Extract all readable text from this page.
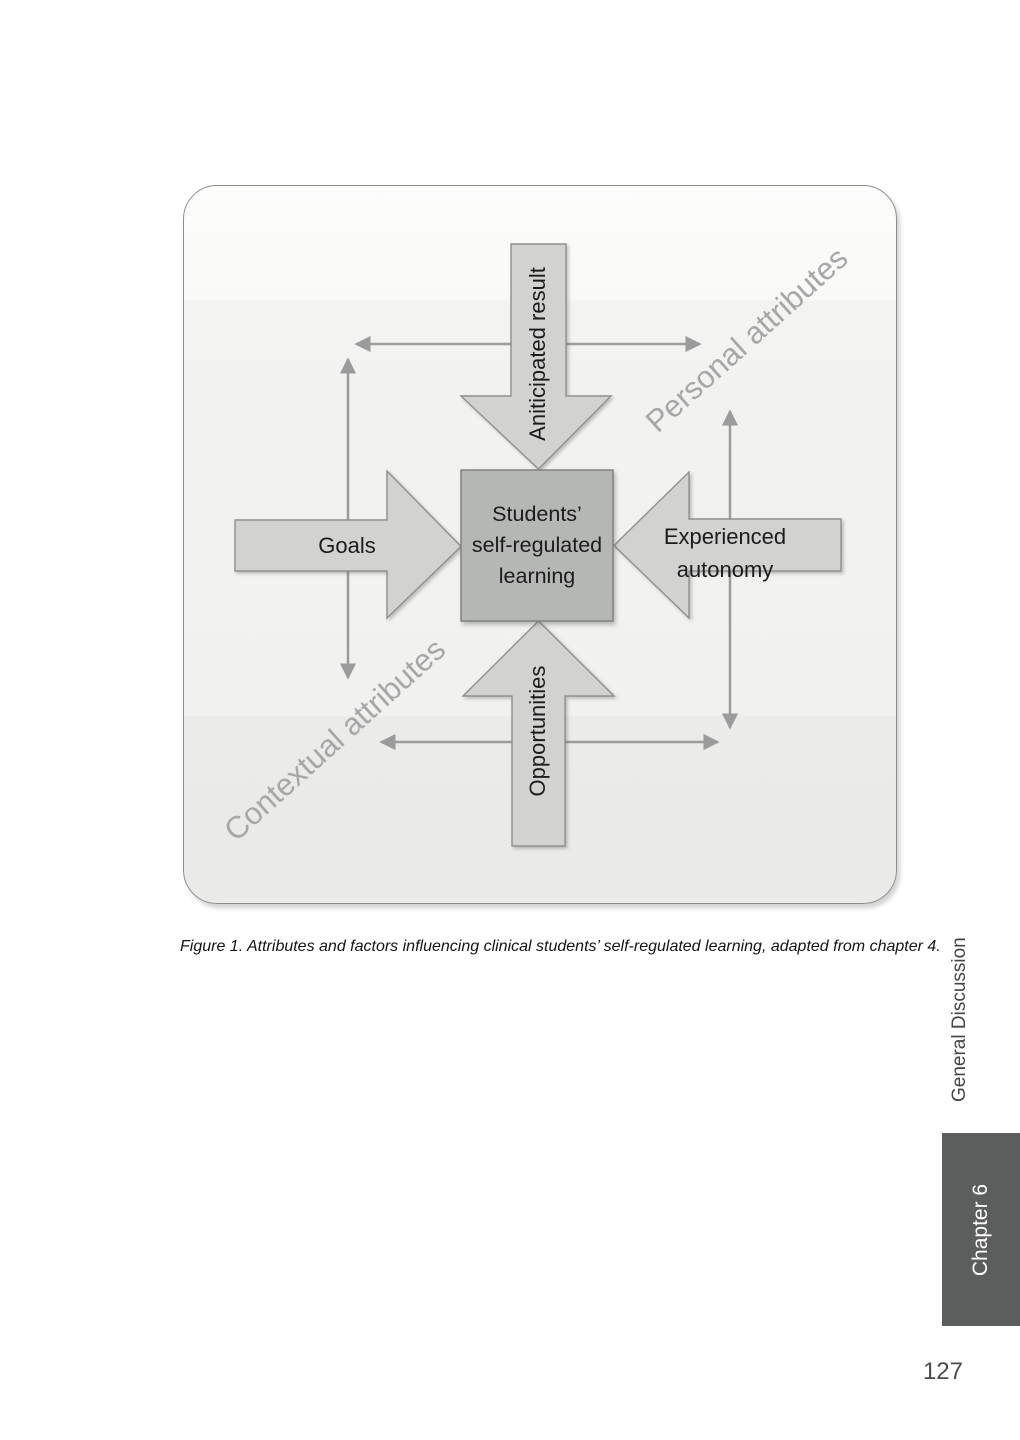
Personal attributes
Contextual attributes
Aniticipated result
Opportunities
Goals	Experienced
autonomy
Students’
self-regulated
learning
Figure 1. Attributes and factors influencing clinical students’ self-regulated learning, adapted from chapter 4. General Discussion
Chapter 6
127
